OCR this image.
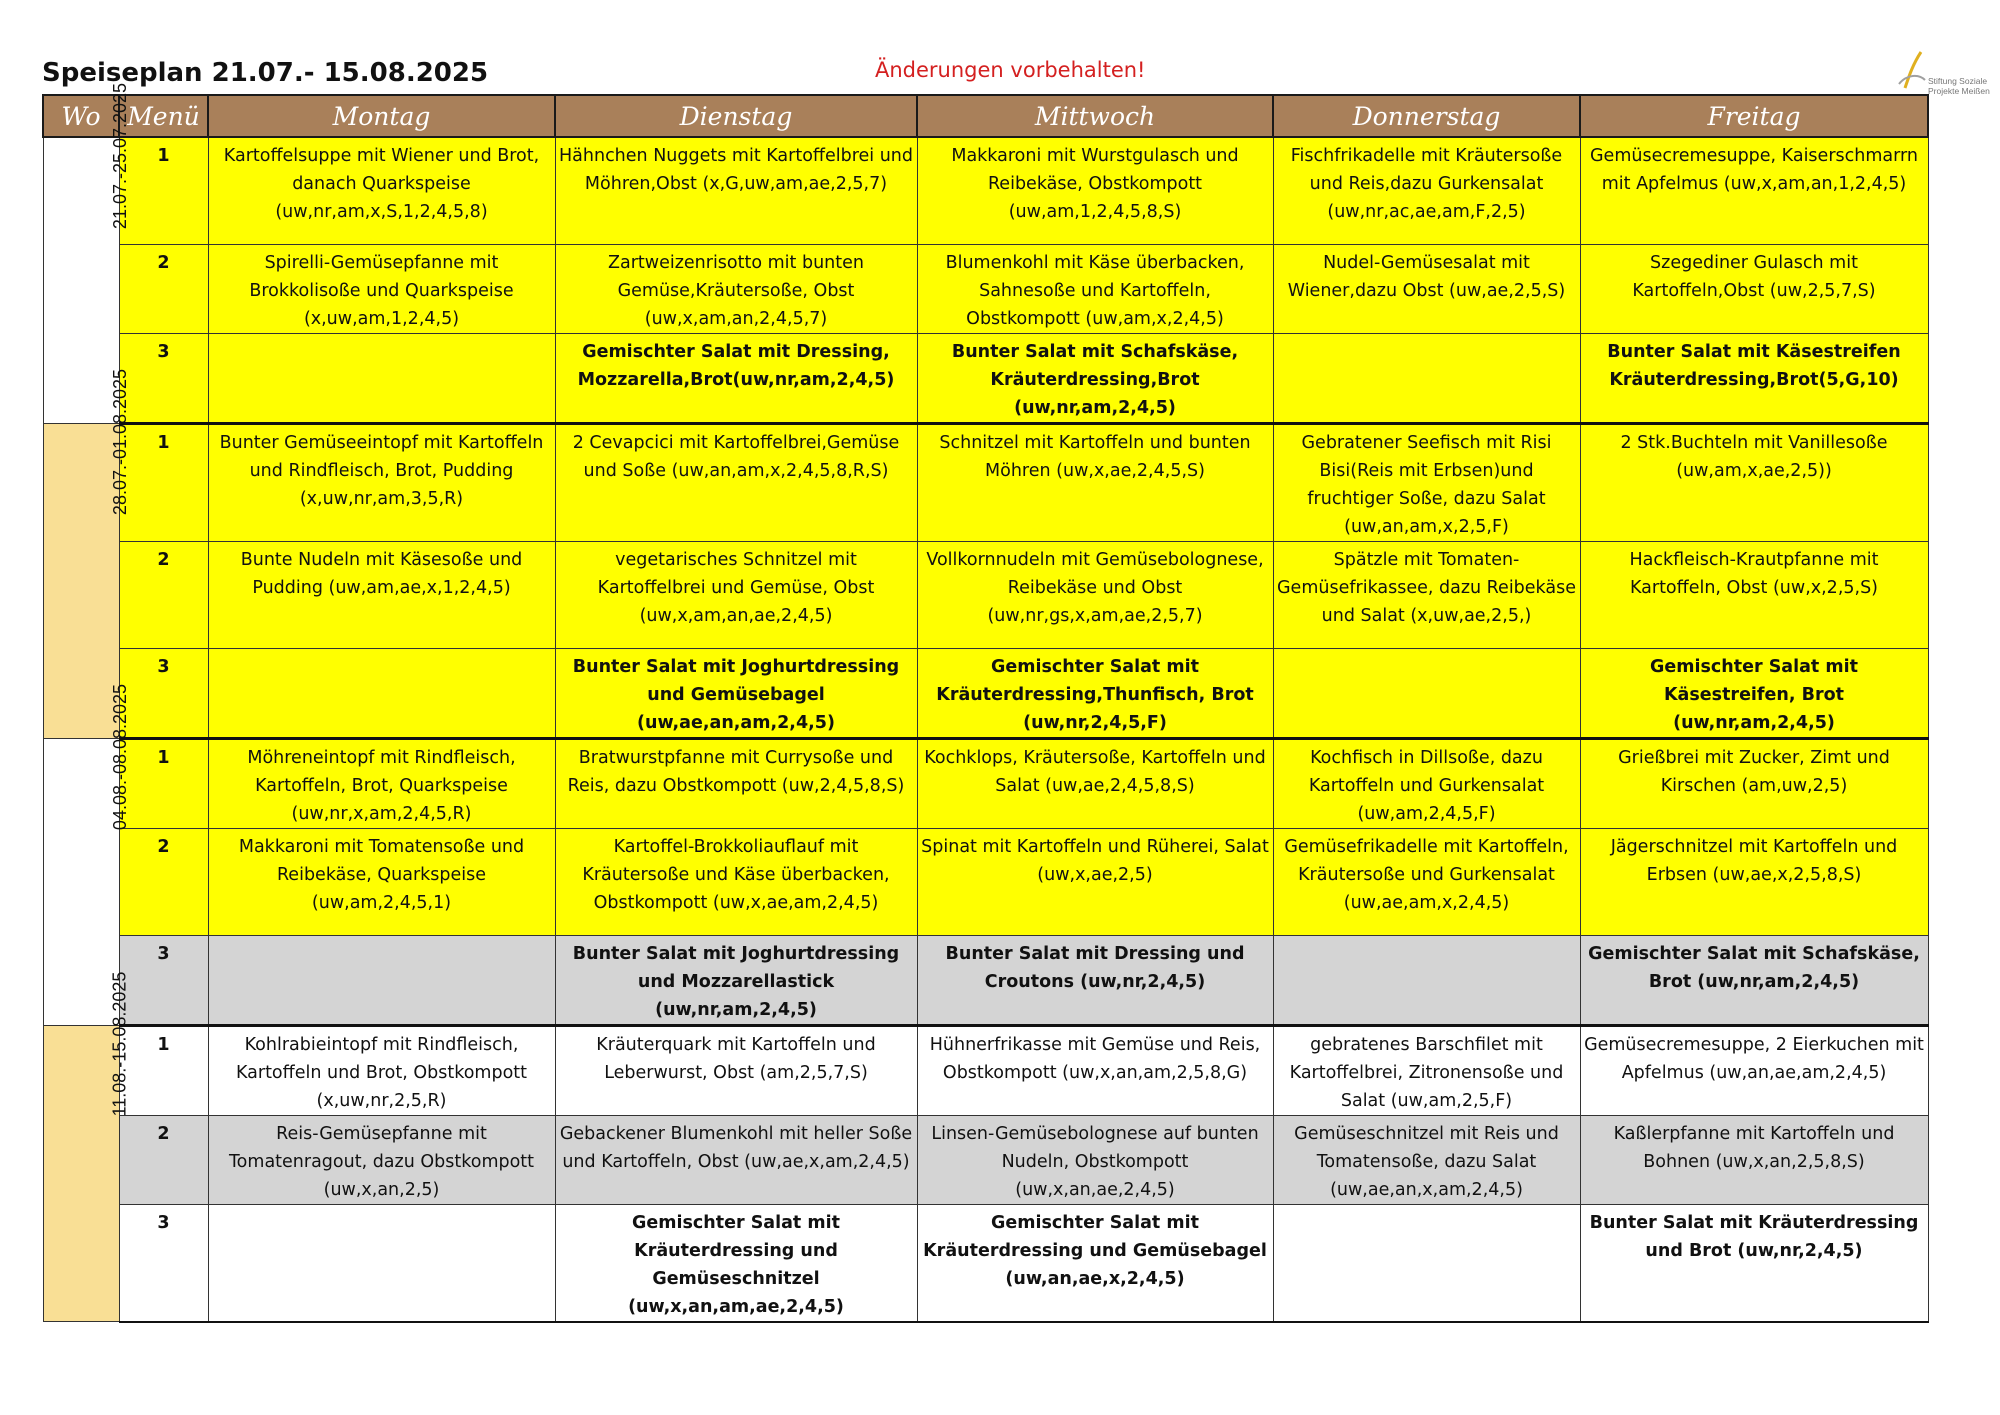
Speiseplan 21.07.- 15.08.2025	Änderungen vorbehalten!	Stiftung Soziale
Projekte Meißen
Wo	Menü	Montag	Dienstag	Mittwoch	Donnerstag	Freitag
21.07.-25.07.2025	1	Kartoffelsuppe mit Wiener und Brot, danach Quarkspeise (uw,nr,am,x,S,1,2,4,5,8)	Hähnchen Nuggets mit Kartoffelbrei und Möhren,Obst (x,G,uw,am,ae,2,5,7)	Makkaroni mit Wurstgulasch und Reibekäse, Obstkompott (uw,am,1,2,4,5,8,S)	Fischfrikadelle mit Kräutersoße und Reis,dazu Gurkensalat (uw,nr,ac,ae,am,F,2,5)	Gemüsecremesuppe, Kaiserschmarrn mit Apfelmus (uw,x,am,an,1,2,4,5)
	2	Spirelli-Gemüsepfanne mit Brokkolisoße und Quarkspeise (x,uw,am,1,2,4,5)	Zartweizenrisotto mit bunten Gemüse,Kräutersoße, Obst (uw,x,am,an,2,4,5,7)	Blumenkohl mit Käse überbacken, Sahnesoße und Kartoffeln, Obstkompott (uw,am,x,2,4,5)	Nudel-Gemüsesalat mit Wiener,dazu Obst (uw,ae,2,5,S)	Szegediner Gulasch mit Kartoffeln,Obst (uw,2,5,7,S)
	3		Gemischter Salat mit Dressing, Mozzarella,Brot(uw,nr,am,2,4,5)	Bunter Salat mit Schafskäse, Kräuterdressing,Brot (uw,nr,am,2,4,5)		Bunter Salat mit Käsestreifen Kräuterdressing,Brot(5,G,10)
28.07.-01.08.2025	1	Bunter Gemüseeintopf mit Kartoffeln und Rindfleisch, Brot, Pudding (x,uw,nr,am,3,5,R)	2 Cevapcici mit Kartoffelbrei,Gemüse und Soße (uw,an,am,x,2,4,5,8,R,S)	Schnitzel mit Kartoffeln und bunten Möhren (uw,x,ae,2,4,5,S)	Gebratener Seefisch mit Risi Bisi(Reis mit Erbsen)und fruchtiger Soße, dazu Salat (uw,an,am,x,2,5,F)	2 Stk.Buchteln mit Vanillesoße (uw,am,x,ae,2,5))
	2	Bunte Nudeln mit Käsesoße und Pudding (uw,am,ae,x,1,2,4,5)	vegetarisches Schnitzel mit Kartoffelbrei und Gemüse, Obst (uw,x,am,an,ae,2,4,5)	Vollkornnudeln mit Gemüsebolognese, Reibekäse und Obst (uw,nr,gs,x,am,ae,2,5,7)	Spätzle mit Tomaten-Gemüsefrikassee, dazu Reibekäse und Salat (x,uw,ae,2,5,)	Hackfleisch-Krautpfanne mit Kartoffeln, Obst (uw,x,2,5,S)
	3		Bunter Salat mit Joghurtdressing und Gemüsebagel (uw,ae,an,am,2,4,5)	Gemischter Salat mit Kräuterdressing,Thunfisch, Brot (uw,nr,2,4,5,F)		Gemischter Salat mit Käsestreifen, Brot (uw,nr,am,2,4,5)
04.08.-08.08.2025	1	Möhreneintopf mit Rindfleisch, Kartoffeln, Brot, Quarkspeise (uw,nr,x,am,2,4,5,R)	Bratwurstpfanne mit Currysoße und Reis, dazu Obstkompott (uw,2,4,5,8,S)	Kochklops, Kräutersoße, Kartoffeln und Salat (uw,ae,2,4,5,8,S)	Kochfisch in Dillsoße, dazu Kartoffeln und Gurkensalat (uw,am,2,4,5,F)	Grießbrei mit Zucker, Zimt und Kirschen (am,uw,2,5)
	2	Makkaroni mit Tomatensoße und Reibekäse, Quarkspeise (uw,am,2,4,5,1)	Kartoffel-Brokkoliauflauf mit Kräutersoße und Käse überbacken, Obstkompott (uw,x,ae,am,2,4,5)	Spinat mit Kartoffeln und Rüherei, Salat (uw,x,ae,2,5)	Gemüsefrikadelle mit Kartoffeln, Kräutersoße und Gurkensalat (uw,ae,am,x,2,4,5)	Jägerschnitzel mit Kartoffeln und Erbsen (uw,ae,x,2,5,8,S)
	3		Bunter Salat mit Joghurtdressing und Mozzarellastick (uw,nr,am,2,4,5)	Bunter Salat mit Dressing und Croutons (uw,nr,2,4,5)		Gemischter Salat mit Schafskäse, Brot (uw,nr,am,2,4,5)
11.08.-15.08.2025	1	Kohlrabieintopf mit Rindfleisch, Kartoffeln und Brot, Obstkompott (x,uw,nr,2,5,R)	Kräuterquark mit Kartoffeln und Leberwurst, Obst (am,2,5,7,S)	Hühnerfrikasse mit Gemüse und Reis, Obstkompott (uw,x,an,am,2,5,8,G)	gebratenes Barschfilet mit Kartoffelbrei, Zitronensoße und Salat (uw,am,2,5,F)	Gemüsecremesuppe, 2 Eierkuchen mit Apfelmus (uw,an,ae,am,2,4,5)
	2	Reis-Gemüsepfanne mit Tomatenragout, dazu Obstkompott (uw,x,an,2,5)	Gebackener Blumenkohl mit heller Soße und Kartoffeln, Obst (uw,ae,x,am,2,4,5)	Linsen-Gemüsebolognese auf bunten Nudeln, Obstkompott (uw,x,an,ae,2,4,5)	Gemüseschnitzel mit Reis und Tomatensoße, dazu Salat (uw,ae,an,x,am,2,4,5)	Kaßlerpfanne mit Kartoffeln und Bohnen (uw,x,an,2,5,8,S)
	3		Gemischter Salat mit Kräuterdressing und Gemüseschnitzel (uw,x,an,am,ae,2,4,5)	Gemischter Salat mit Kräuterdressing und Gemüsebagel (uw,an,ae,x,2,4,5)		Bunter Salat mit Kräuterdressing und Brot (uw,nr,2,4,5)
